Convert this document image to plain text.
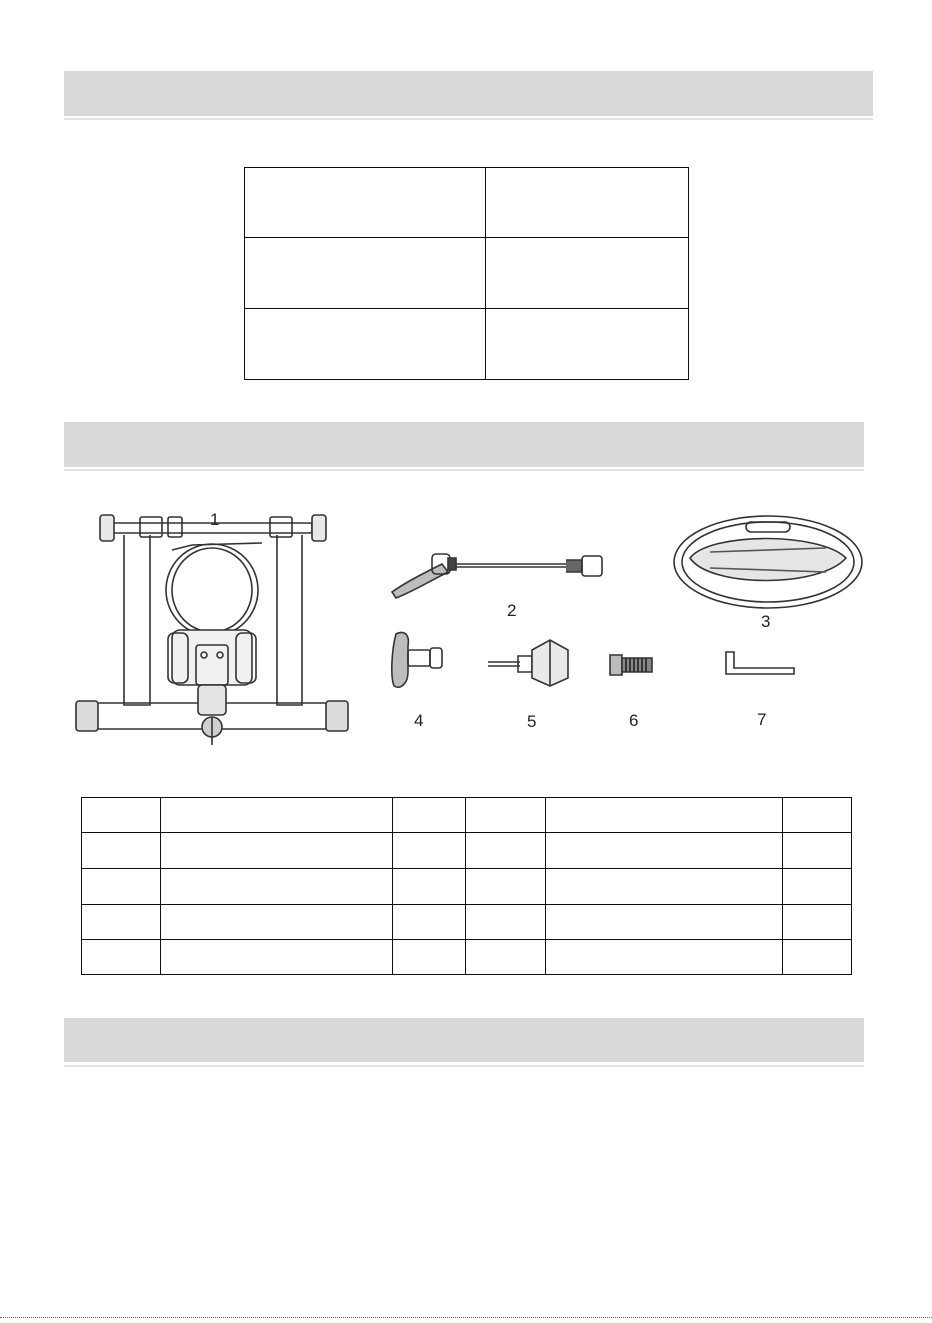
1
2
3
4	5	6	7
